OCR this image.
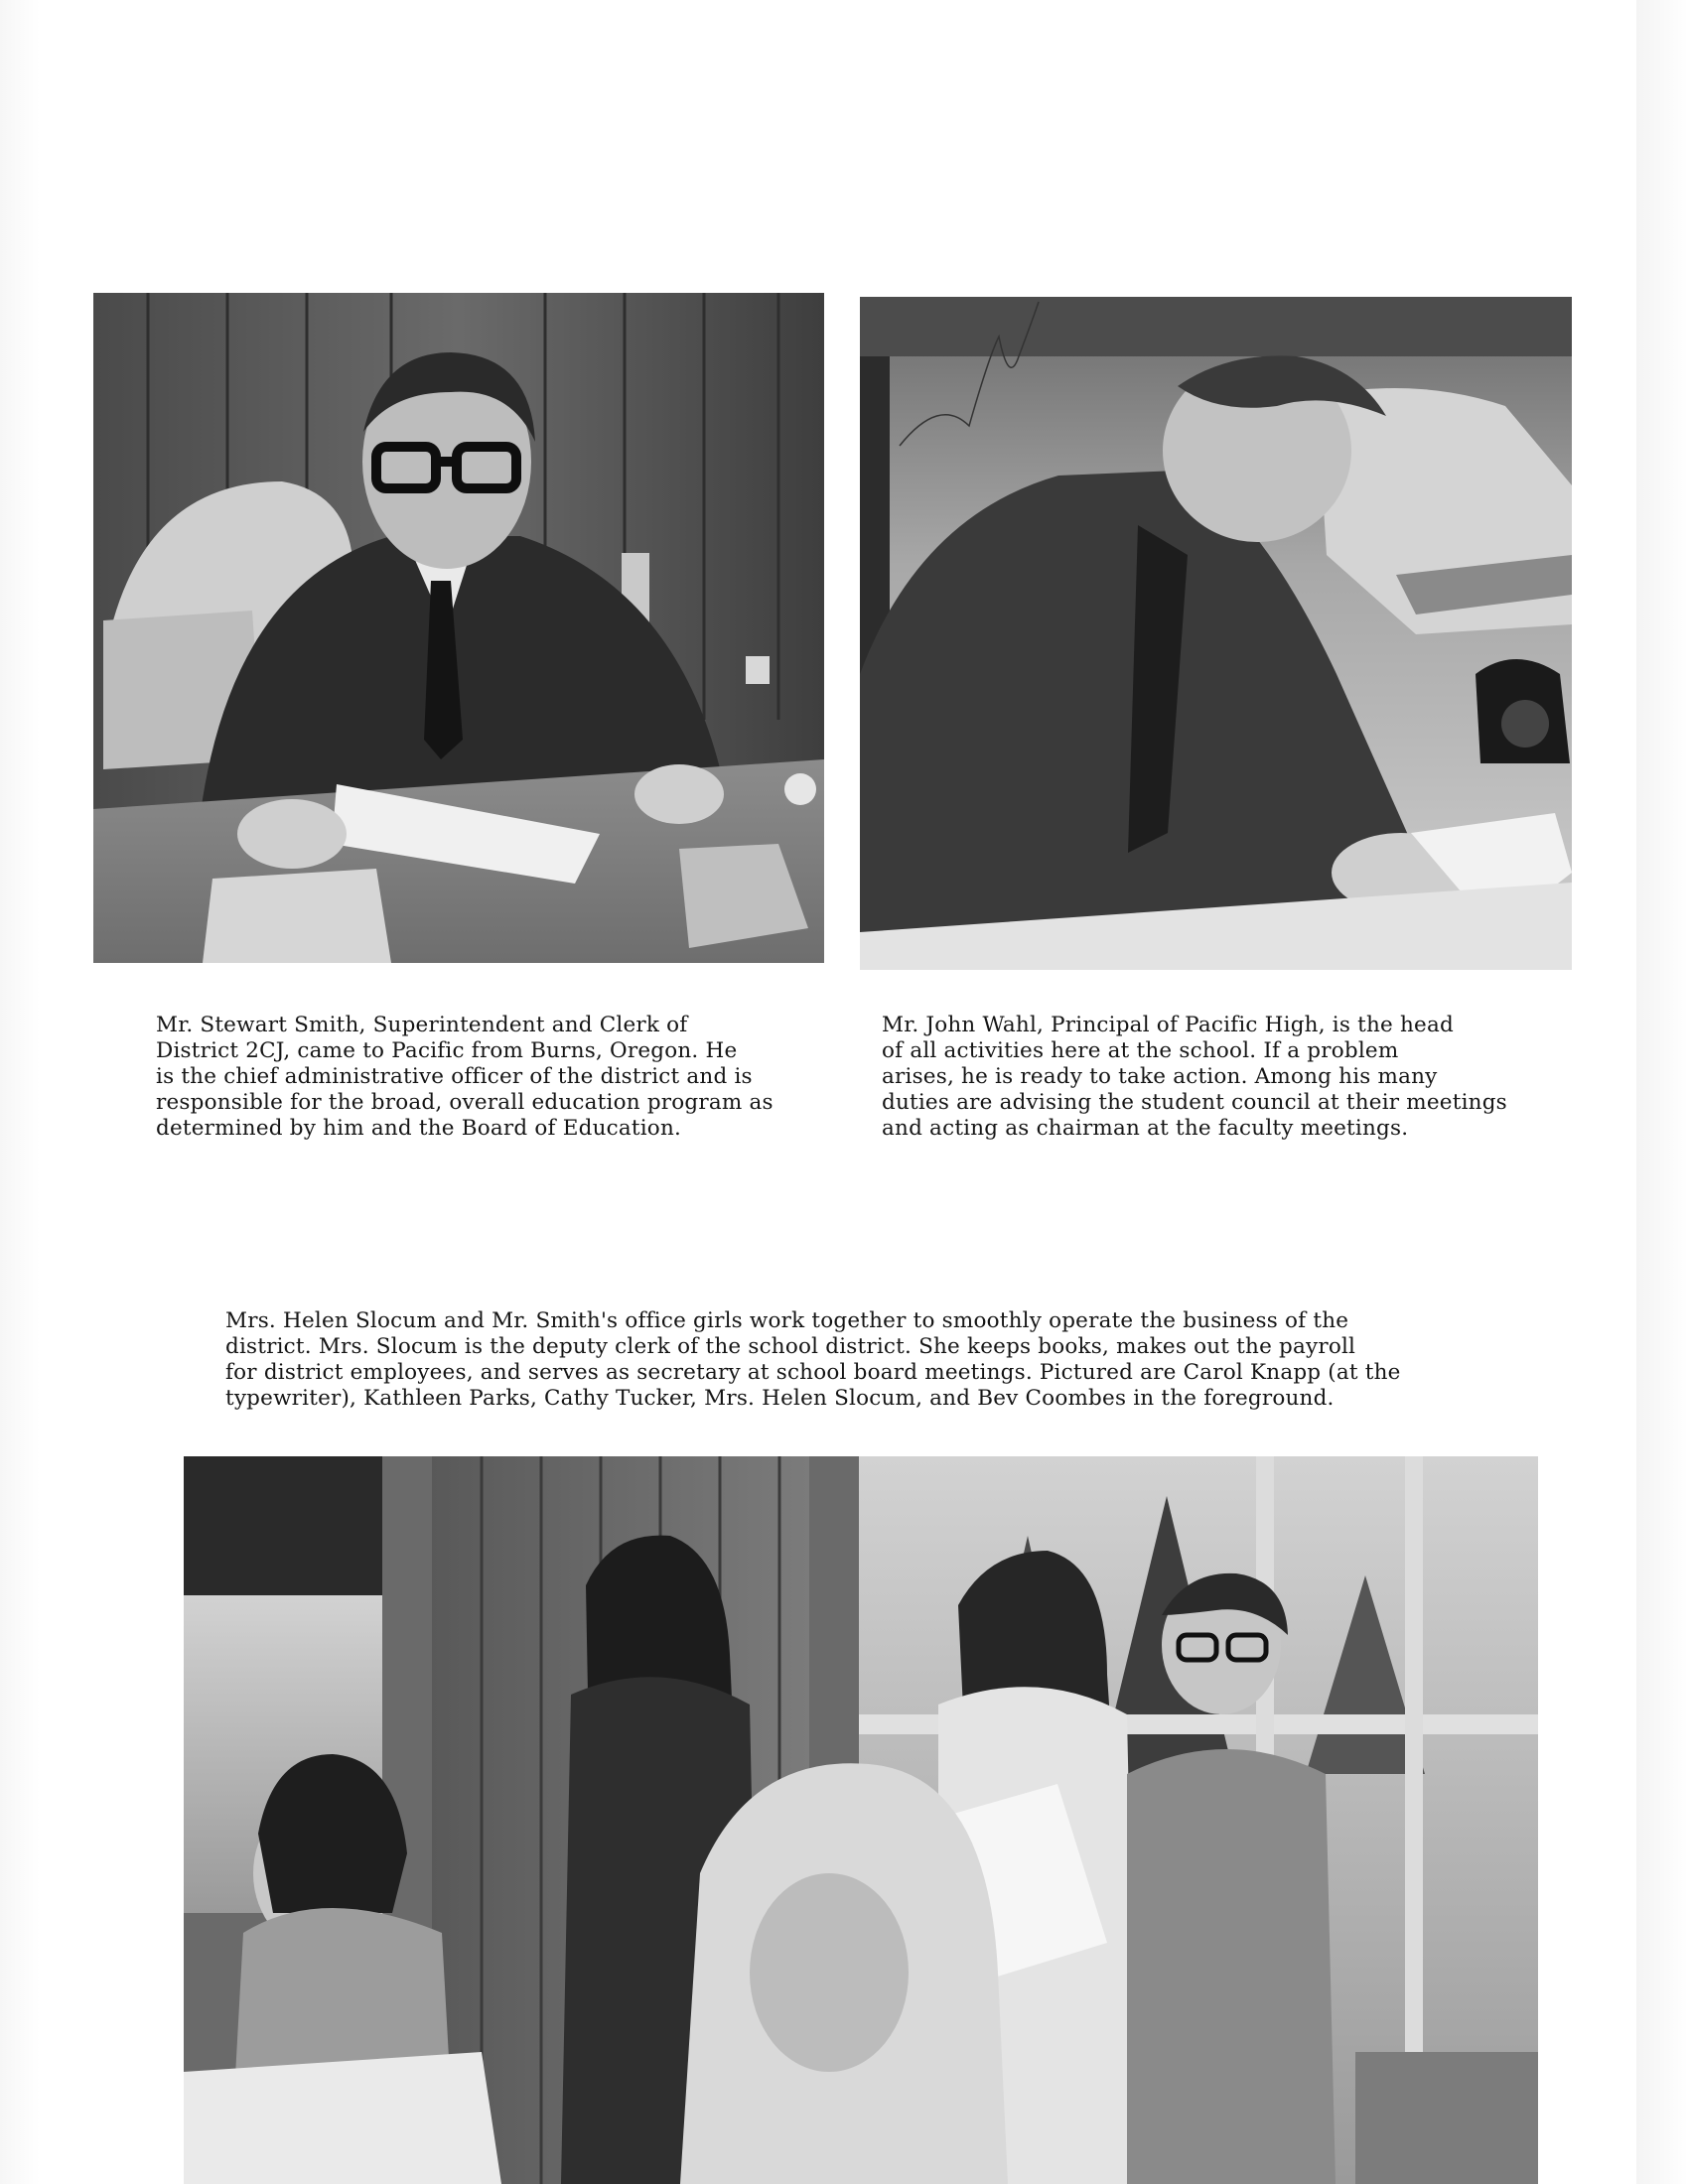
Mr. Stewart Smith, Superintendent and Clerk of
District 2CJ, came to Pacific from Burns, Oregon. He
is the chief administrative officer of the district and is
responsible for the broad, overall education program as
determined by him and the Board of Education.
Mr. John Wahl, Principal of Pacific High, is the head
of all activities here at the school. If a problem
arises, he is ready to take action. Among his many
duties are advising the student council at their meetings
and acting as chairman at the faculty meetings.
Mrs. Helen Slocum and Mr. Smith's office girls work together to smoothly operate the business of the
district. Mrs. Slocum is the deputy clerk of the school district. She keeps books, makes out the payroll
for district employees, and serves as secretary at school board meetings. Pictured are Carol Knapp (at the
typewriter), Kathleen Parks, Cathy Tucker, Mrs. Helen Slocum, and Bev Coombes in the foreground.
